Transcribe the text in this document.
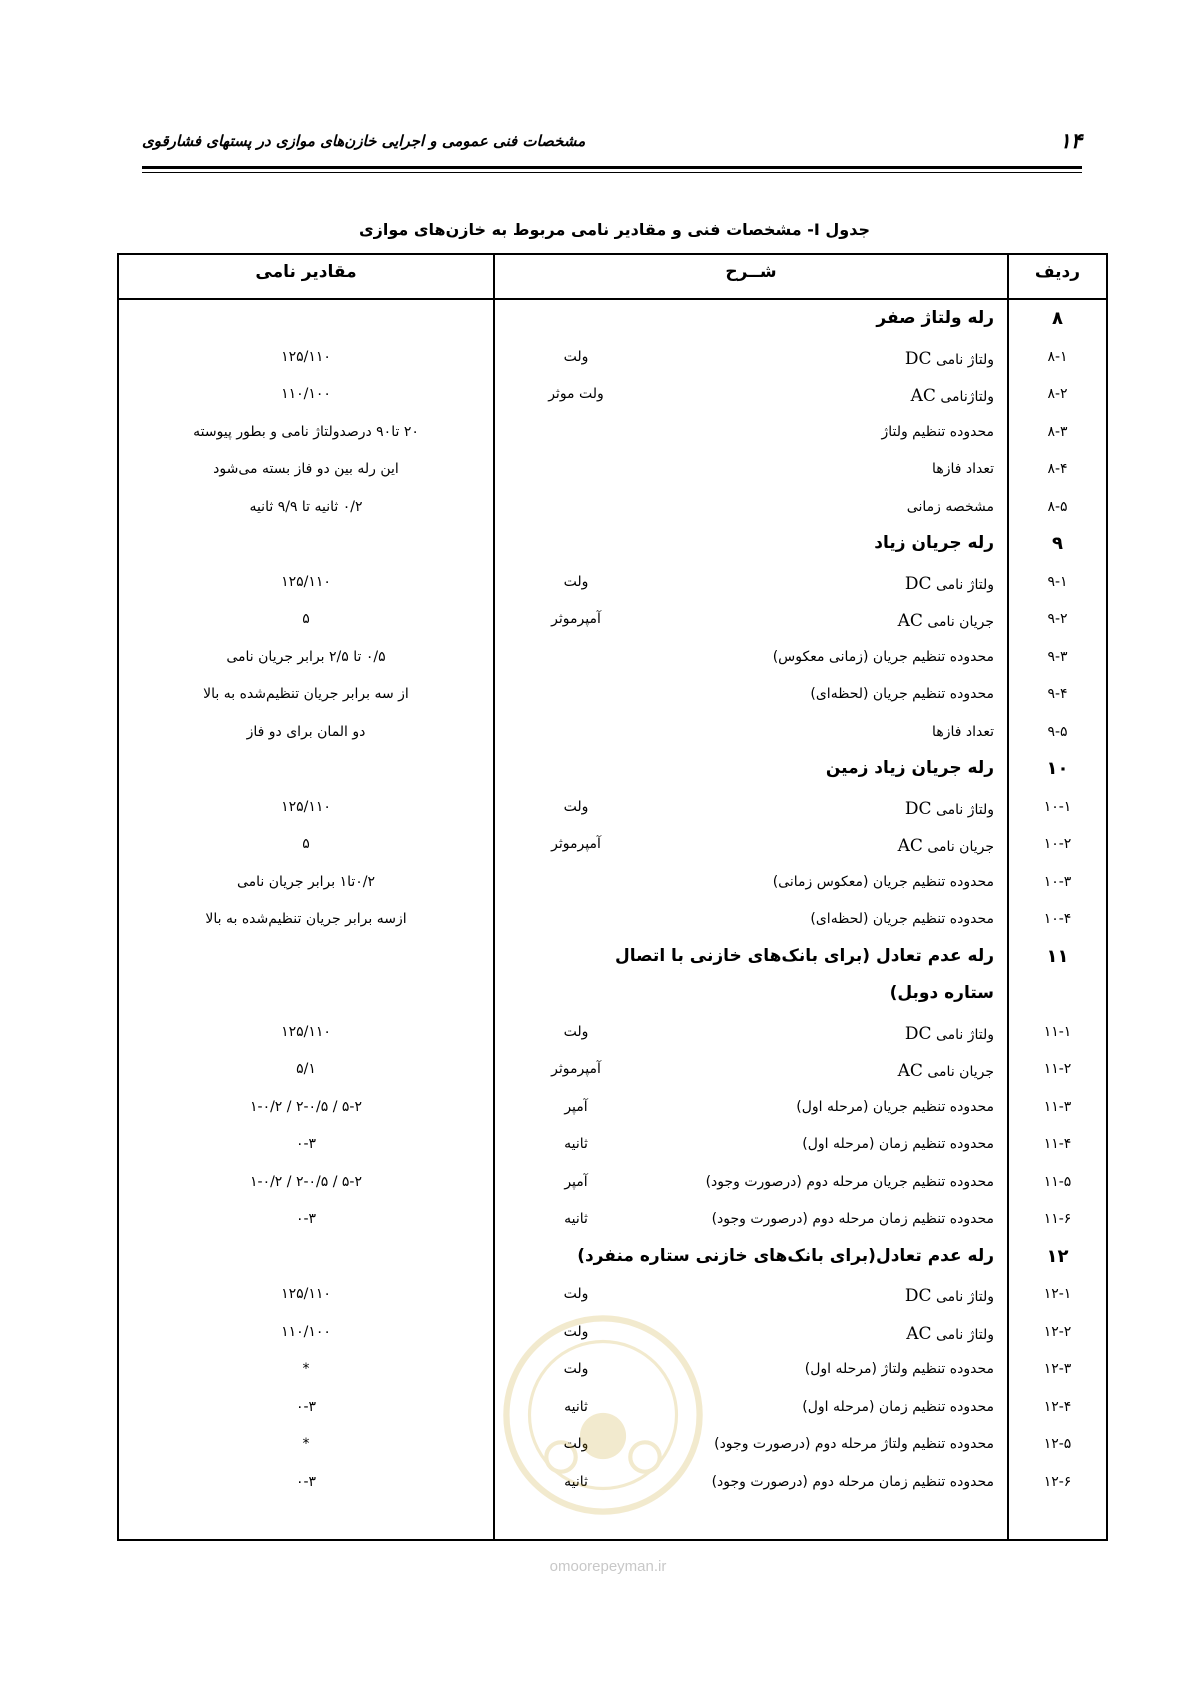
۱۴
مشخصات فنی عمومی و اجرایی خازن‌های موازی در پستهای فشارقوی
جدول I- مشخصات فنی و مقادیر نامی مربوط به خازن‌های موازی
ردیف
شــرح
مقادیر نامی
۸
رله ولتاژ صفر
۸-۱
ولتاژ نامی DC
ولت
۱۲۵/۱۱۰
۸-۲
ولتاژنامی AC
ولت موثر
۱۱۰/۱۰۰
۸-۳
محدوده تنظیم ولتاژ
۲۰ تا۹۰ درصدولتاژ نامی و بطور پیوسته
۸-۴
تعداد فازها
این رله بین دو فاز بسته می‌شود
۸-۵
مشخصه زمانی
۰/۲ ثانیه تا ۹/۹ ثانیه
۹
رله جریان زیاد
۹-۱
ولتاژ نامی DC
ولت
۱۲۵/۱۱۰
۹-۲
جریان نامی AC
آمپرموثر
۵
۹-۳
محدوده تنظیم جریان (زمانی معکوس)
۰/۵ تا ۲/۵ برابر جریان نامی
۹-۴
محدوده تنظیم جریان (لحظه‌ای)
از سه برابر جریان تنظیم‌شده به بالا
۹-۵
تعداد فازها
دو المان برای دو فاز
۱۰
رله جریان زیاد زمین
۱۰-۱
ولتاژ نامی DC
ولت
۱۲۵/۱۱۰
۱۰-۲
جریان نامی AC
آمپرموثر
۵
۱۰-۳
محدوده تنظیم جریان (معکوس زمانی)
۰/۲تا۱ برابر جریان نامی
۱۰-۴
محدوده تنظیم جریان (لحظه‌ای)
ازسه برابر جریان تنظیم‌شده به بالا
۱۱
رله عدم تعادل (برای بانک‌های خازنی با اتصال
ستاره دوبل)
۱۱-۱
ولتاژ نامی DC
ولت
۱۲۵/۱۱۰
۱۱-۲
جریان نامی AC
آمپرموثر
۵/۱
۱۱-۳
محدوده تنظیم جریان (مرحله اول)
آمپر
۵-۲ / ۲-۰/۵ / ۱-۰/۲
۱۱-۴
محدوده تنظیم زمان (مرحله اول)
ثانیه
۰-۳
۱۱-۵
محدوده تنظیم جریان مرحله دوم (درصورت وجود)
آمپر
۵-۲ / ۲-۰/۵ / ۱-۰/۲
۱۱-۶
محدوده تنظیم زمان مرحله دوم (درصورت وجود)
ثانیه
۰-۳
۱۲
رله عدم تعادل(برای بانک‌های خازنی ستاره منفرد)
۱۲-۱
ولتاژ نامی DC
ولت
۱۲۵/۱۱۰
۱۲-۲
ولتاژ نامی AC
ولت
۱۱۰/۱۰۰
۱۲-۳
محدوده تنظیم ولتاژ (مرحله اول)
ولت
*
۱۲-۴
محدوده تنظیم زمان (مرحله اول)
ثانیه
۰-۳
۱۲-۵
محدوده تنظیم ولتاژ مرحله دوم (درصورت وجود)
ولت
*
۱۲-۶
محدوده تنظیم زمان مرحله دوم (درصورت وجود)
ثانیه
۰-۳
omoorepeyman.ir
